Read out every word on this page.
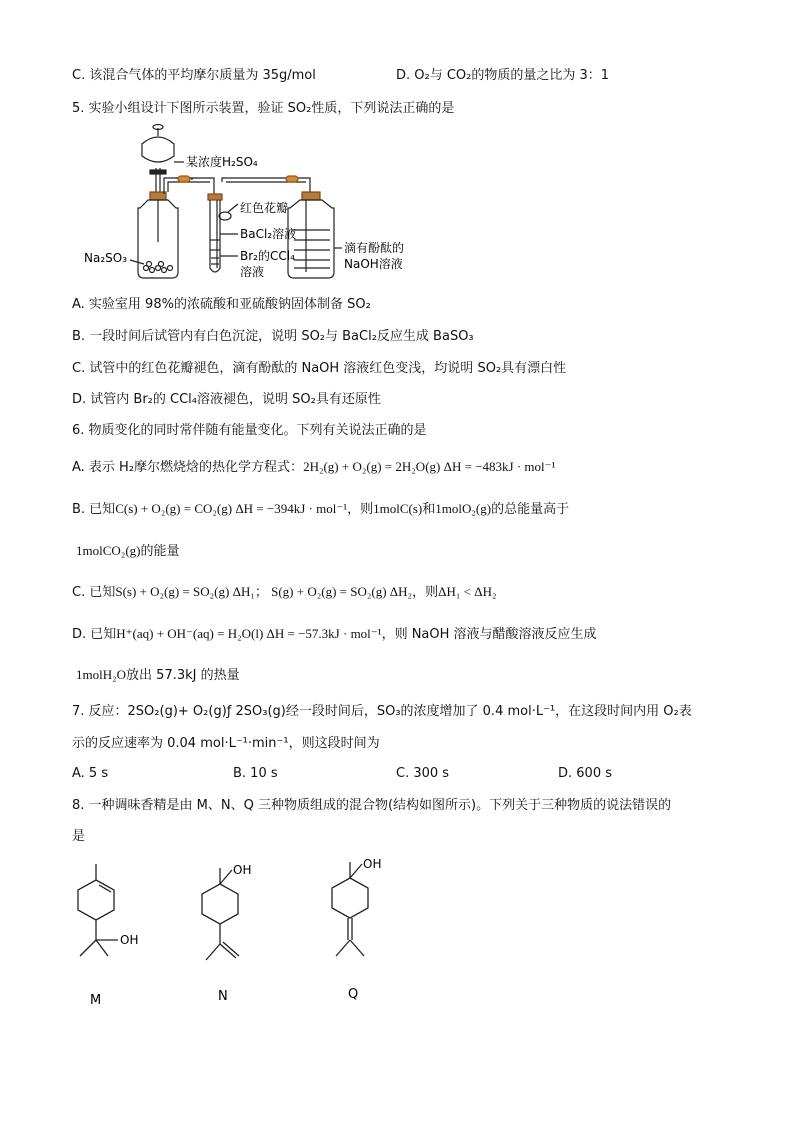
C. 该混合气体的平均摩尔质量为 35g/mol	D. O₂与 CO₂的物质的量之比为 3：1
5. 实验小组设计下图所示装置，验证 SO₂性质，下列说法正确的是
某浓度H₂SO₄
红色花瓣
BaCl₂溶液
Br₂的CCl₄
溶液
Na₂SO₃
滴有酚酞的
NaOH溶液
A. 实验室用 98%的浓硫酸和亚硫酸钠固体制备 SO₂
B. 一段时间后试管内有白色沉淀，说明 SO₂与 BaCl₂反应生成 BaSO₃
C. 试管中的红色花瓣褪色，滴有酚酞的 NaOH 溶液红色变浅，均说明 SO₂具有漂白性
D. 试管内 Br₂的 CCl₄溶液褪色，说明 SO₂具有还原性
6. 物质变化的同时常伴随有能量变化。下列有关说法正确的是
A. 表示 H₂摩尔燃烧焓的热化学方程式：2H₂(g) + O₂(g) = 2H₂O(g) ΔH = −483kJ · mol⁻¹
B. 已知C(s) + O₂(g) = CO₂(g) ΔH = −394kJ · mol⁻¹，则1molC(s)和1molO₂(g)的总能量高于
1molCO₂(g)的能量
C. 已知S(s) + O₂(g) = SO₂(g) ΔH₁； S(g) + O₂(g) = SO₂(g) ΔH₂，则ΔH₁ < ΔH₂
D. 已知H⁺(aq) + OH⁻(aq) = H₂O(l) ΔH = −57.3kJ · mol⁻¹，则 NaOH 溶液与醋酸溶液反应生成
1molH₂O放出 57.3kJ 的热量
7. 反应：2SO₂(g)+ O₂(g)ƒ 2SO₃(g)经一段时间后，SO₃的浓度增加了 0.4 mol·L⁻¹，在这段时间内用 O₂表
示的反应速率为 0.04 mol·L⁻¹·min⁻¹，则这段时间为
A. 5 s	B. 10 s	C. 300 s	D. 600 s
8. 一种调味香精是由 M、N、Q 三种物质组成的混合物(结构如图所示)。下列关于三种物质的说法错误的
是
OH
OH	OH
M	N	Q
